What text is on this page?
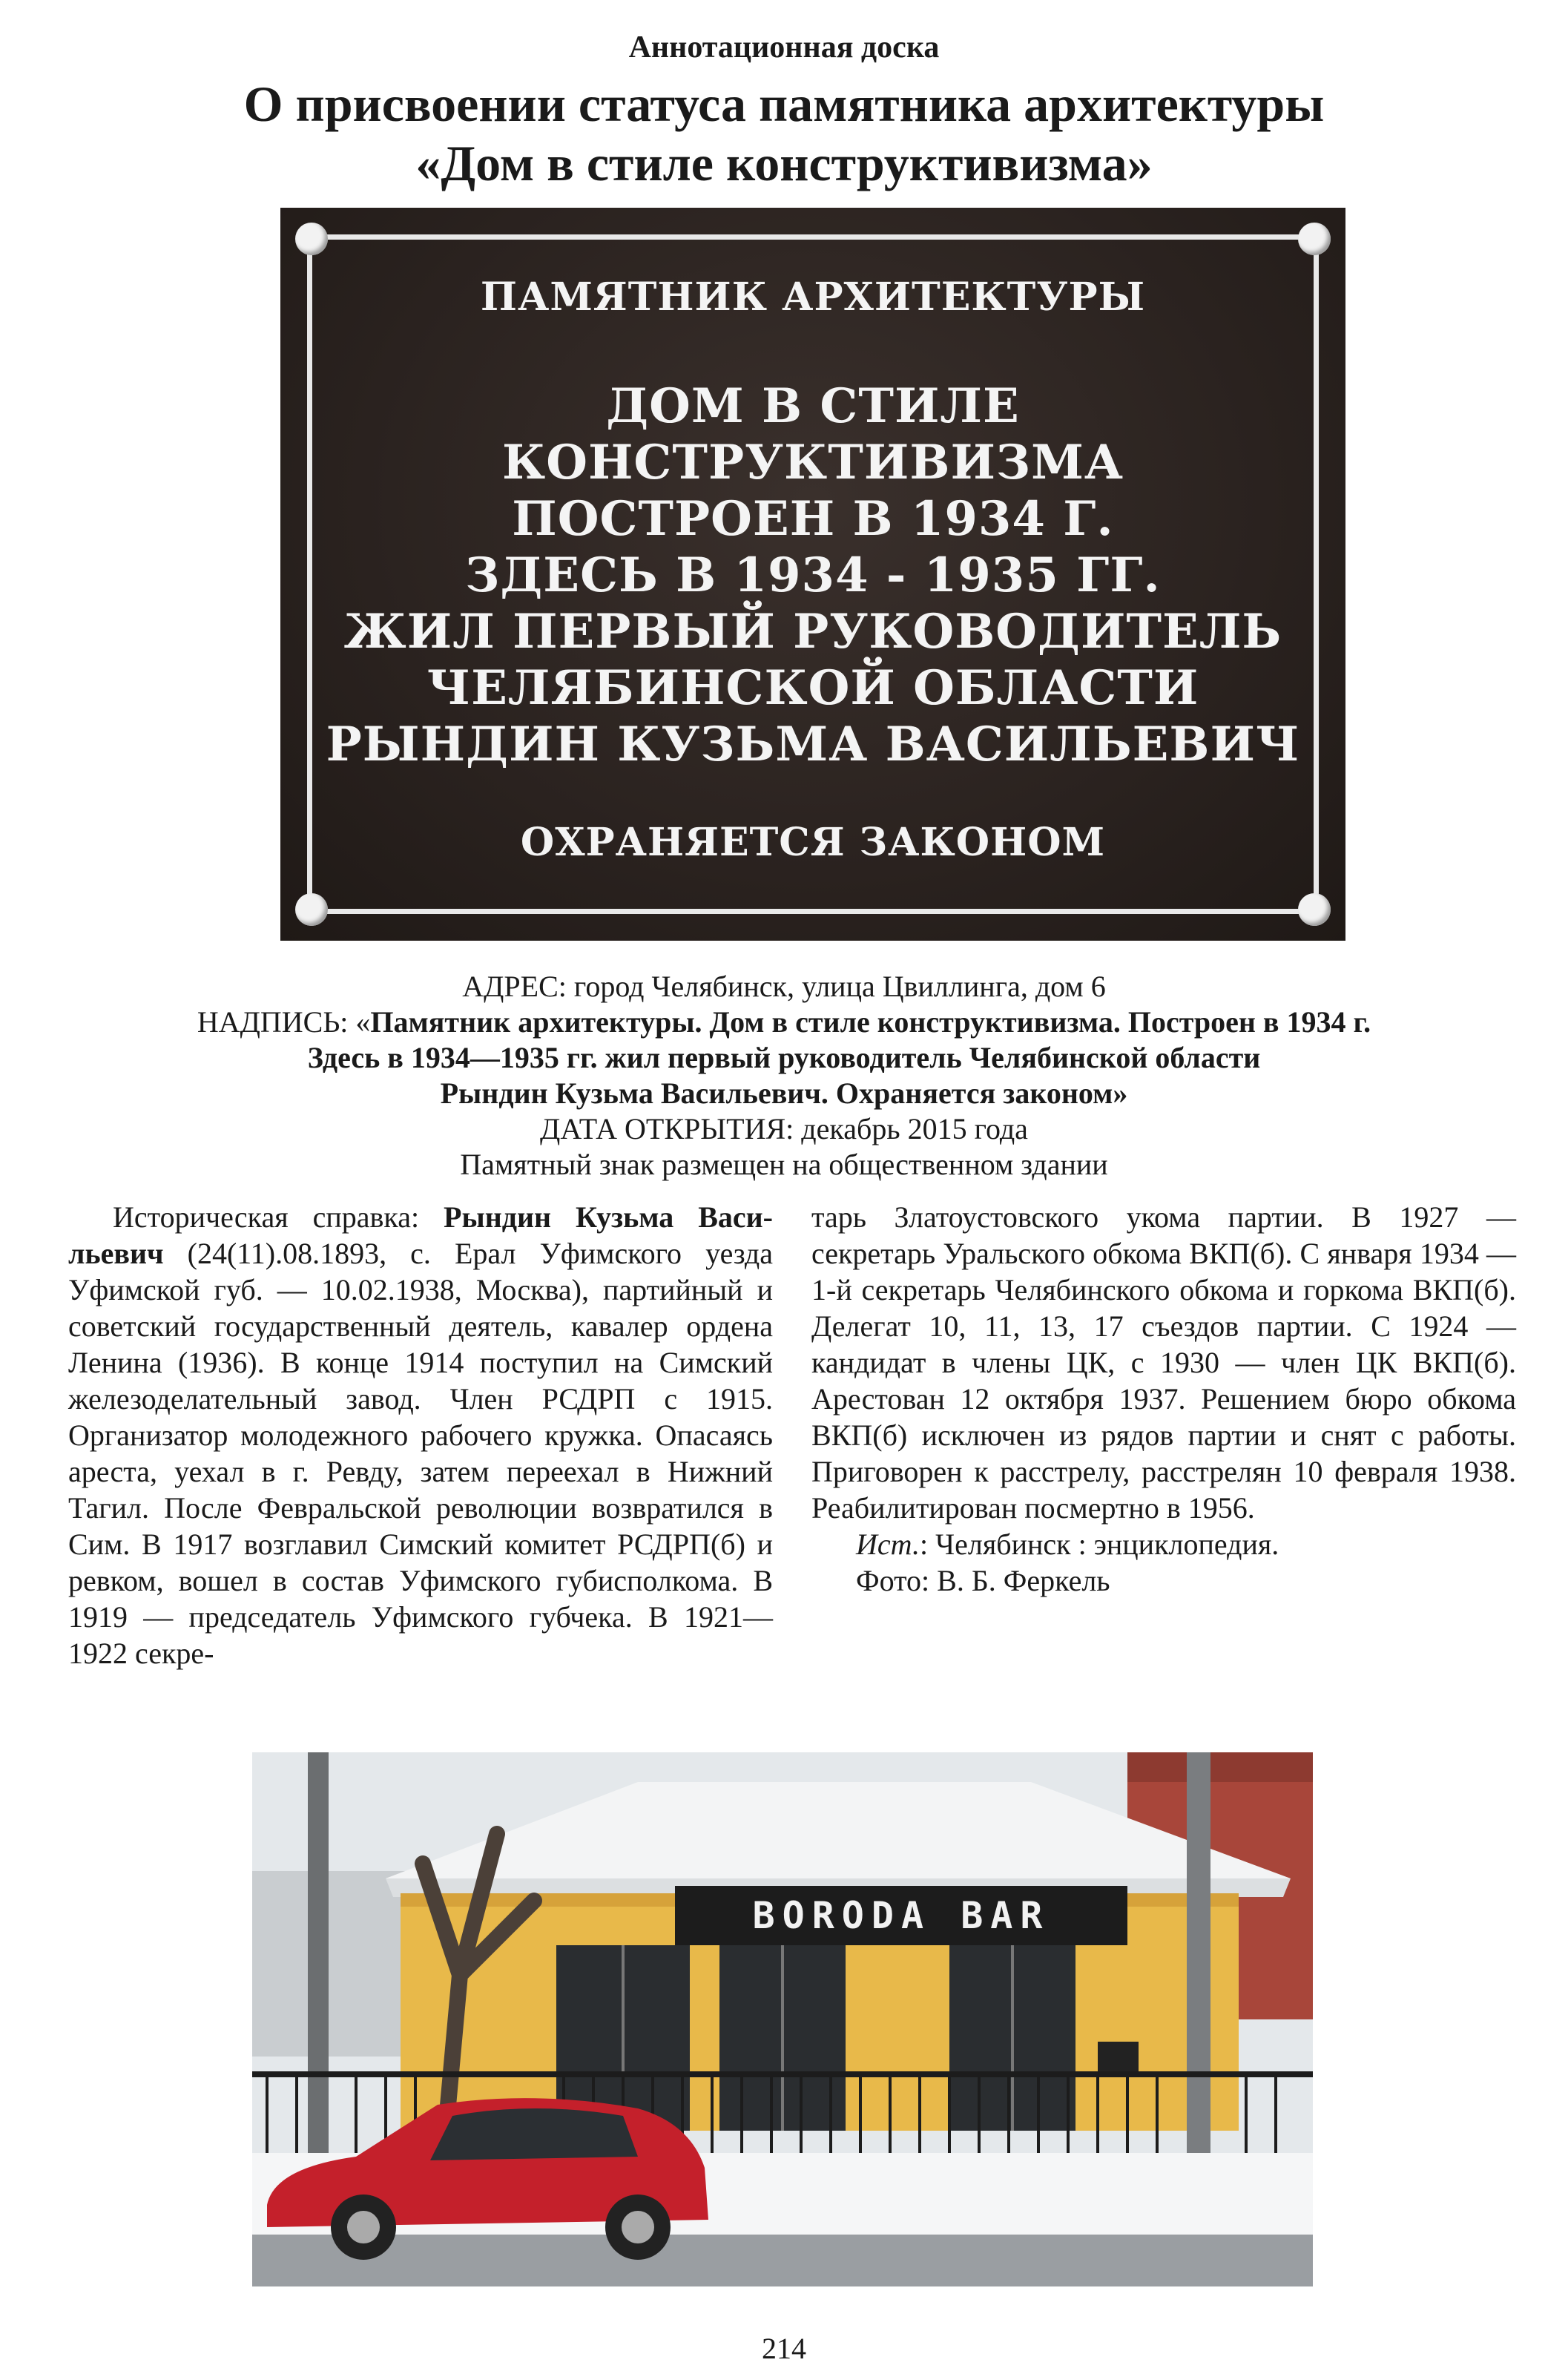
Аннотационная доска
О присвоении статуса памятника архитектуры
«Дом в стиле конструктивизма»
ПАМЯТНИК АРХИТЕКТУРЫ
ДОМ В СТИЛЕ
КОНСТРУКТИВИЗМА
ПОСТРОЕН В 1934 Г.
ЗДЕСЬ В 1934 - 1935 ГГ.
ЖИЛ ПЕРВЫЙ РУКОВОДИТЕЛЬ
ЧЕЛЯБИНСКОЙ ОБЛАСТИ
РЫНДИН КУЗЬМА ВАСИЛЬЕВИЧ
ОХРАНЯЕТСЯ ЗАКОНОМ
АДРЕС: город Челябинск, улица Цвиллинга, дом 6
НАДПИСЬ: «Памятник архитектуры. Дом в стиле конструктивизма. Построен в 1934 г.
Здесь в 1934—1935 гг. жил первый руководитель Челябинской области
Рындин Кузьма Васильевич. Охраняется законом»
ДАТА ОТКРЫТИЯ: декабрь 2015 года
Памятный знак размещен на общественном здании
Историческая справка: Рындин Кузьма Васи-льевич (24(11).08.1893, с. Ерал Уфимского уезда Уфимской губ. — 10.02.1938, Москва), партийный и советский государственный деятель, кавалер ордена Ленина (1936). В конце 1914 поступил на Симский железоделательный завод. Член РСДРП с 1915. Организатор молодежного рабочего кружка. Опасаясь ареста, уехал в г. Ревду, затем переехал в Нижний Тагил. После Февральской революции возвратился в Сим. В 1917 возглавил Симский комитет РСДРП(б) и ревком, вошел в состав Уфимского губисполкома. В 1919 — председатель Уфимского губчека. В 1921—1922 секре-
тарь Златоустовского укома партии. В 1927 — секретарь Уральского обкома ВКП(б). С января 1934 — 1-й секретарь Челябинского обкома и горкома ВКП(б). Делегат 10, 11, 13, 17 съездов партии. С 1924 — кандидат в члены ЦК, с 1930 — член ЦК ВКП(б). Арестован 12 октября 1937. Решением бюро обкома ВКП(б) исключен из рядов партии и снят с работы. Приговорен к расстрелу, расстрелян 10 февраля 1938. Реабилитирован посмертно в 1956.
Ист.: Челябинск : энциклопедия.
Фото: В. Б. Феркель
BORODA BAR
214
